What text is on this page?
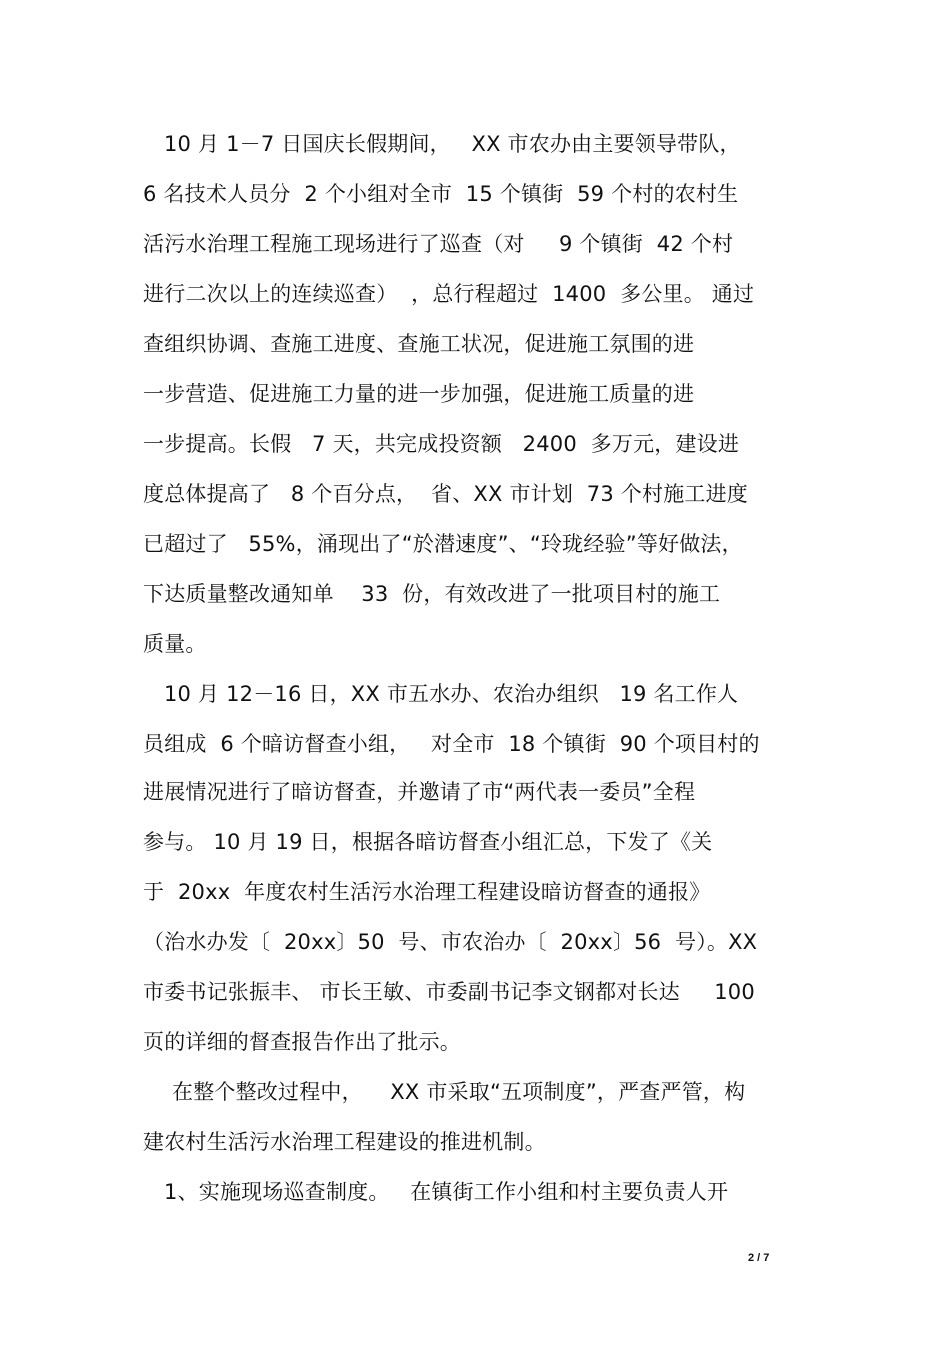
10 月 1－7 日国庆长假期间，   XX 市农办由主要领导带队，
6 名技术人员分  2 个小组对全市  15 个镇街  59 个村的农村生
活污水治理工程施工现场进行了巡查（对     9 个镇街  42 个村
进行二次以上的连续巡查）  ，总行程超过  1400  多公里。 通过
查组织协调、查施工进度、查施工状况，促进施工氛围的进
一步营造、促进施工力量的进一步加强，促进施工质量的进
一步提高。长假   7 天，共完成投资额   2400  多万元，建设进
度总体提高了   8 个百分点，  省、XX 市计划  73 个村施工进度
已超过了   55%，涌现出了“於潜速度”、“玲珑经验”等好做法，
下达质量整改通知单    33  份，有效改进了一批项目村的施工
质量。
10 月 12－16 日，XX 市五水办、农治办组织   19 名工作人
员组成  6 个暗访督查小组，   对全市  18 个镇街  90 个项目村的
进展情况进行了暗访督查，并邀请了市“两代表一委员”全程
参与。 10 月 19 日，根据各暗访督查小组汇总，下发了《关
于  20xx  年度农村生活污水治理工程建设暗访督查的通报》
（治水办发〔  20xx〕50  号、市农治办〔  20xx〕56  号）。XX
市委书记张振丰、 市长王敏、市委副书记李文钢都对长达     100
页的详细的督查报告作出了批示。
在整个整改过程中，    XX 市采取“五项制度”，严查严管，构
建农村生活污水治理工程建设的推进机制。
1、实施现场巡查制度。   在镇街工作小组和村主要负责人开
2 / 7
